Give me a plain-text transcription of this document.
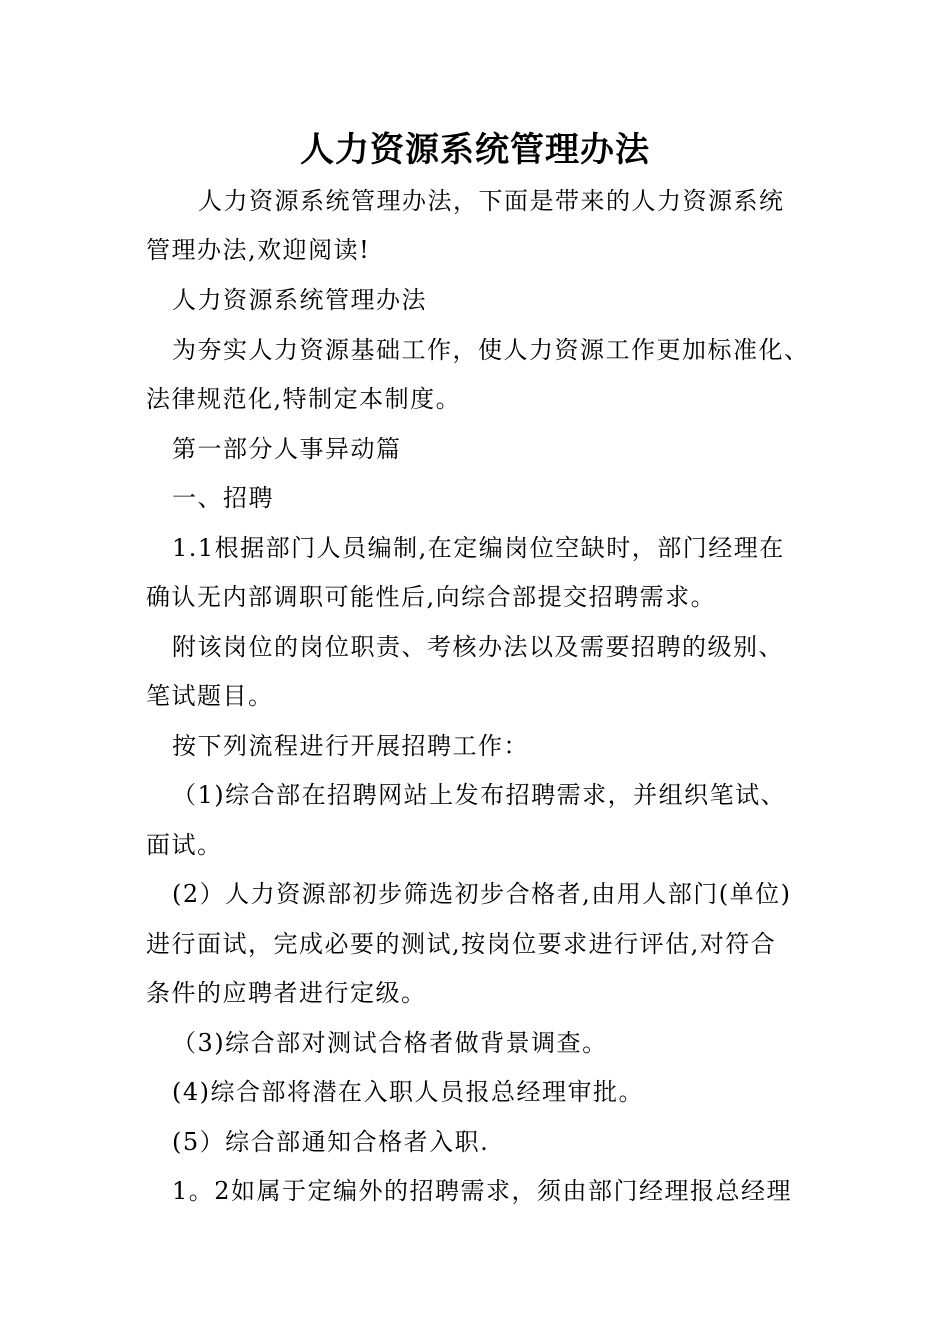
人力资源系统管理办法
人力资源系统管理办法，下面是带来的人力资源系统
管理办法,欢迎阅读!
人力资源系统管理办法
为夯实人力资源基础工作，使人力资源工作更加标准化、
法律规范化,特制定本制度。
第一部分人事异动篇
一、招聘
1.1根据部门人员编制,在定编岗位空缺时，部门经理在
确认无内部调职可能性后,向综合部提交招聘需求。
附该岗位的岗位职责、考核办法以及需要招聘的级别、
笔试题目。
按下列流程进行开展招聘工作：
（1)综合部在招聘网站上发布招聘需求，并组织笔试、
面试。
(2）人力资源部初步筛选初步合格者,由用人部门(单位)
进行面试，完成必要的测试,按岗位要求进行评估,对符合
条件的应聘者进行定级。
（3)综合部对测试合格者做背景调查。
(4)综合部将潜在入职人员报总经理审批。
(5）综合部通知合格者入职.
1。2如属于定编外的招聘需求，须由部门经理报总经理
